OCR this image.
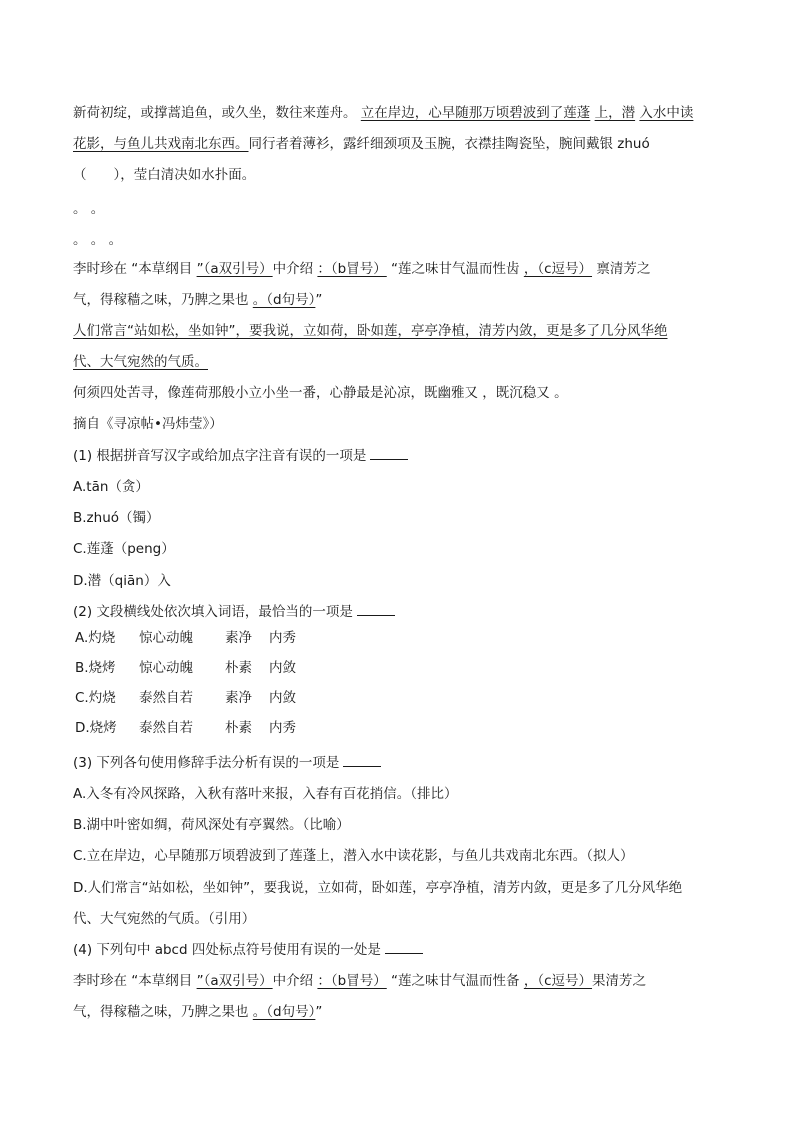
新荷初绽，或撑蒿追鱼，或久坐，数往来莲舟。 立在岸边，心早随那万顷碧波到了莲蓬 上，潜 入水中读
花影，与鱼儿共戏南北东西。同行者着薄衫，露纤细颈项及玉腕，衣襟挂陶瓷坠，腕间戴银 zhuó
（　　），莹白清决如水扑面。
。 。
。 。 。
李时珍在 “本草纲目 ”（a双引号）中介绍 ：（b冒号） “莲之味甘气温而性齿 ，（c逗号） 禀清芳之
气，得稼穑之味，乃脾之果也 。（d句号）”
人们常言“站如松，坐如钟”，要我说，立如荷，卧如莲，亭亭净植，清芳内敛，更是多了几分风华绝
代、大气宛然的气质。
何须四处苦寻，像莲荷那般小立小坐一番，心静最是沁凉，既幽雅又 ，既沉稳又 。
摘自《寻凉帖•冯炜莹》）
(1) 根据拼音写汉字或给加点字注音有误的一项是
A.tān（贪）
B.zhuó（镯）
C.莲蓬（peng）
D.潜（qiān）入
(2) 文段横线处依次填入词语，最恰当的一项是
A.灼烧 惊心动魄 素净 内秀
B.烧烤 惊心动魄 朴素 内敛
C.灼烧 泰然自若 素净 内敛
D.烧烤 泰然自若 朴素 内秀
(3) 下列各句使用修辞手法分析有误的一项是
A.入冬有冷风探路，入秋有落叶来报，入春有百花捎信。（排比）
B.湖中叶密如绸，荷风深处有亭翼然。（比喻）
C.立在岸边，心早随那万顷碧波到了莲蓬上，潜入水中读花影，与鱼儿共戏南北东西。（拟人）
D.人们常言“站如松，坐如钟”，要我说，立如荷，卧如莲，亭亭净植，清芳内敛，更是多了几分风华绝
代、大气宛然的气质。（引用）
(4) 下列句中 abcd 四处标点符号使用有误的一处是
李时珍在 “本草纲目 ”（a双引号）中介绍 ：（b冒号） “莲之味甘气温而性备 ，（c逗号）果清芳之
气，得稼穑之味，乃脾之果也 。（d句号）”
